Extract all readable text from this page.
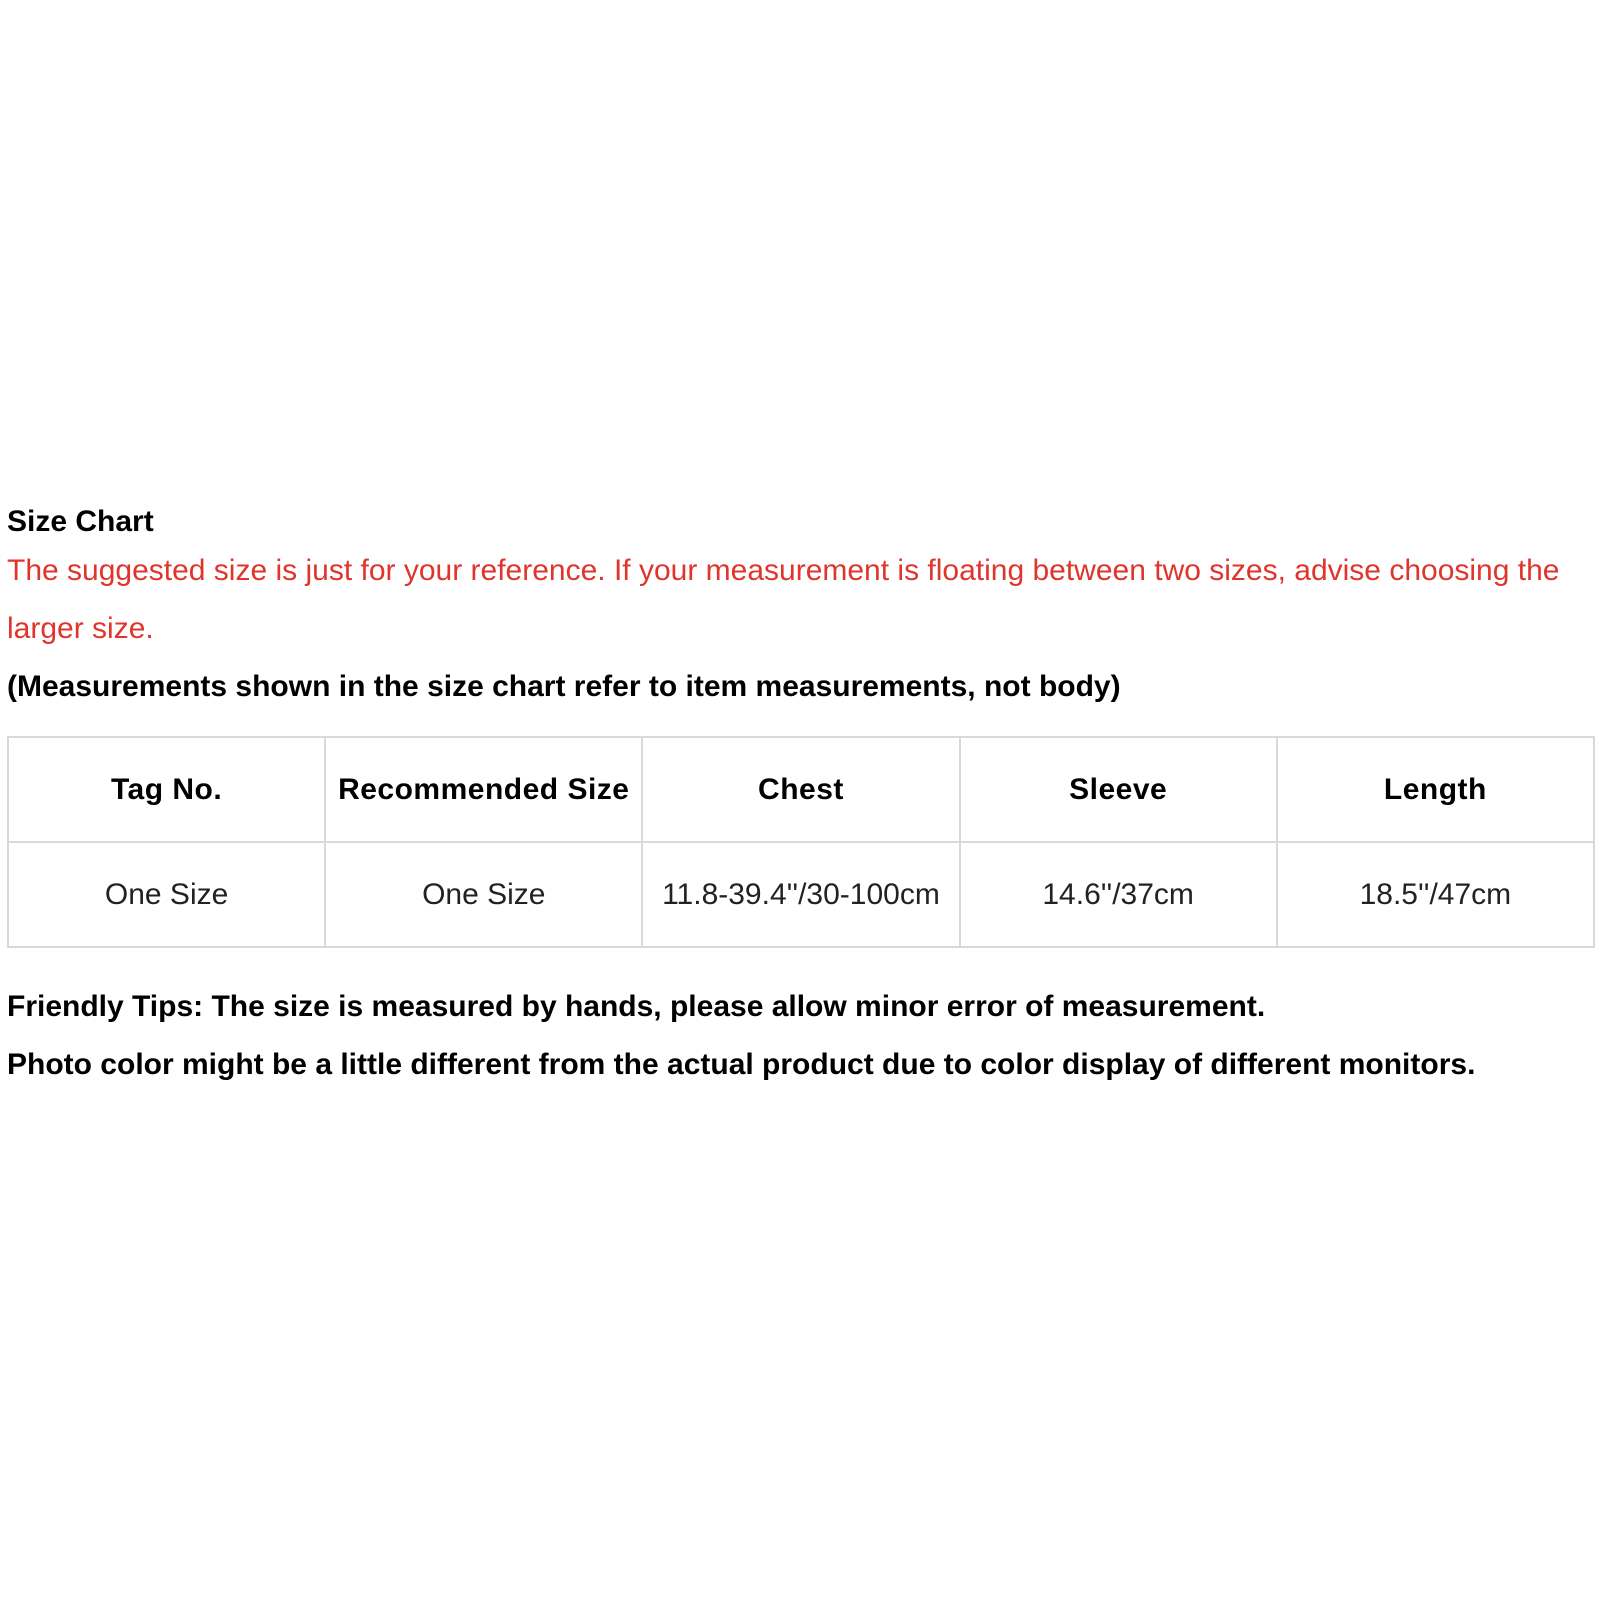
Size Chart

The suggested size is just for your reference. If your measurement is floating between two sizes, advise choosing the larger size.

(Measurements shown in the size chart refer to item measurements, not body)

Tag No.	Recommended Size	Chest	Sleeve	Length
One Size	One Size	11.8-39.4''/30-100cm	14.6''/37cm	18.5''/47cm

Friendly Tips: The size is measured by hands, please allow minor error of measurement.

Photo color might be a little different from the actual product due to color display of different monitors.
